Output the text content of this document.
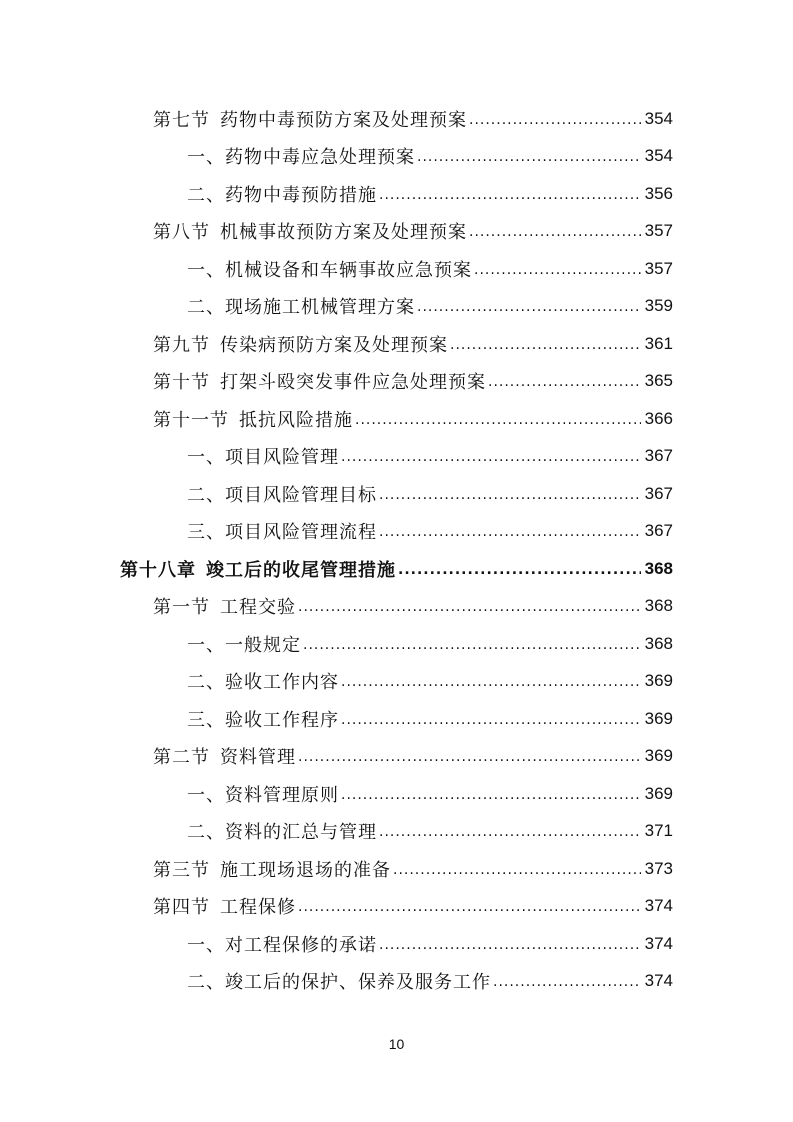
第七节 药物中毒预防方案及处理预案 .....	354
一、药物中毒应急处理预案 .....	354
二、药物中毒预防措施 .....	356
第八节 机械事故预防方案及处理预案 .....	357
一、机械设备和车辆事故应急预案 .....	357
二、现场施工机械管理方案 .....	359
第九节 传染病预防方案及处理预案 .....	361
第十节 打架斗殴突发事件应急处理预案 .....	365
第十一节 抵抗风险措施 .....	366
一、项目风险管理 .....	367
二、项目风险管理目标 .....	367
三、项目风险管理流程 .....	367
第十八章 竣工后的收尾管理措施 .....	368
第一节 工程交验 .....	368
一、一般规定 .....	368
二、验收工作内容 .....	369
三、验收工作程序 .....	369
第二节 资料管理 .....	369
一、资料管理原则 .....	369
二、资料的汇总与管理 .....	371
第三节 施工现场退场的准备 .....	373
第四节 工程保修 .....	374
一、对工程保修的承诺 .....	374
二、竣工后的保护、保养及服务工作 .....	374
10
